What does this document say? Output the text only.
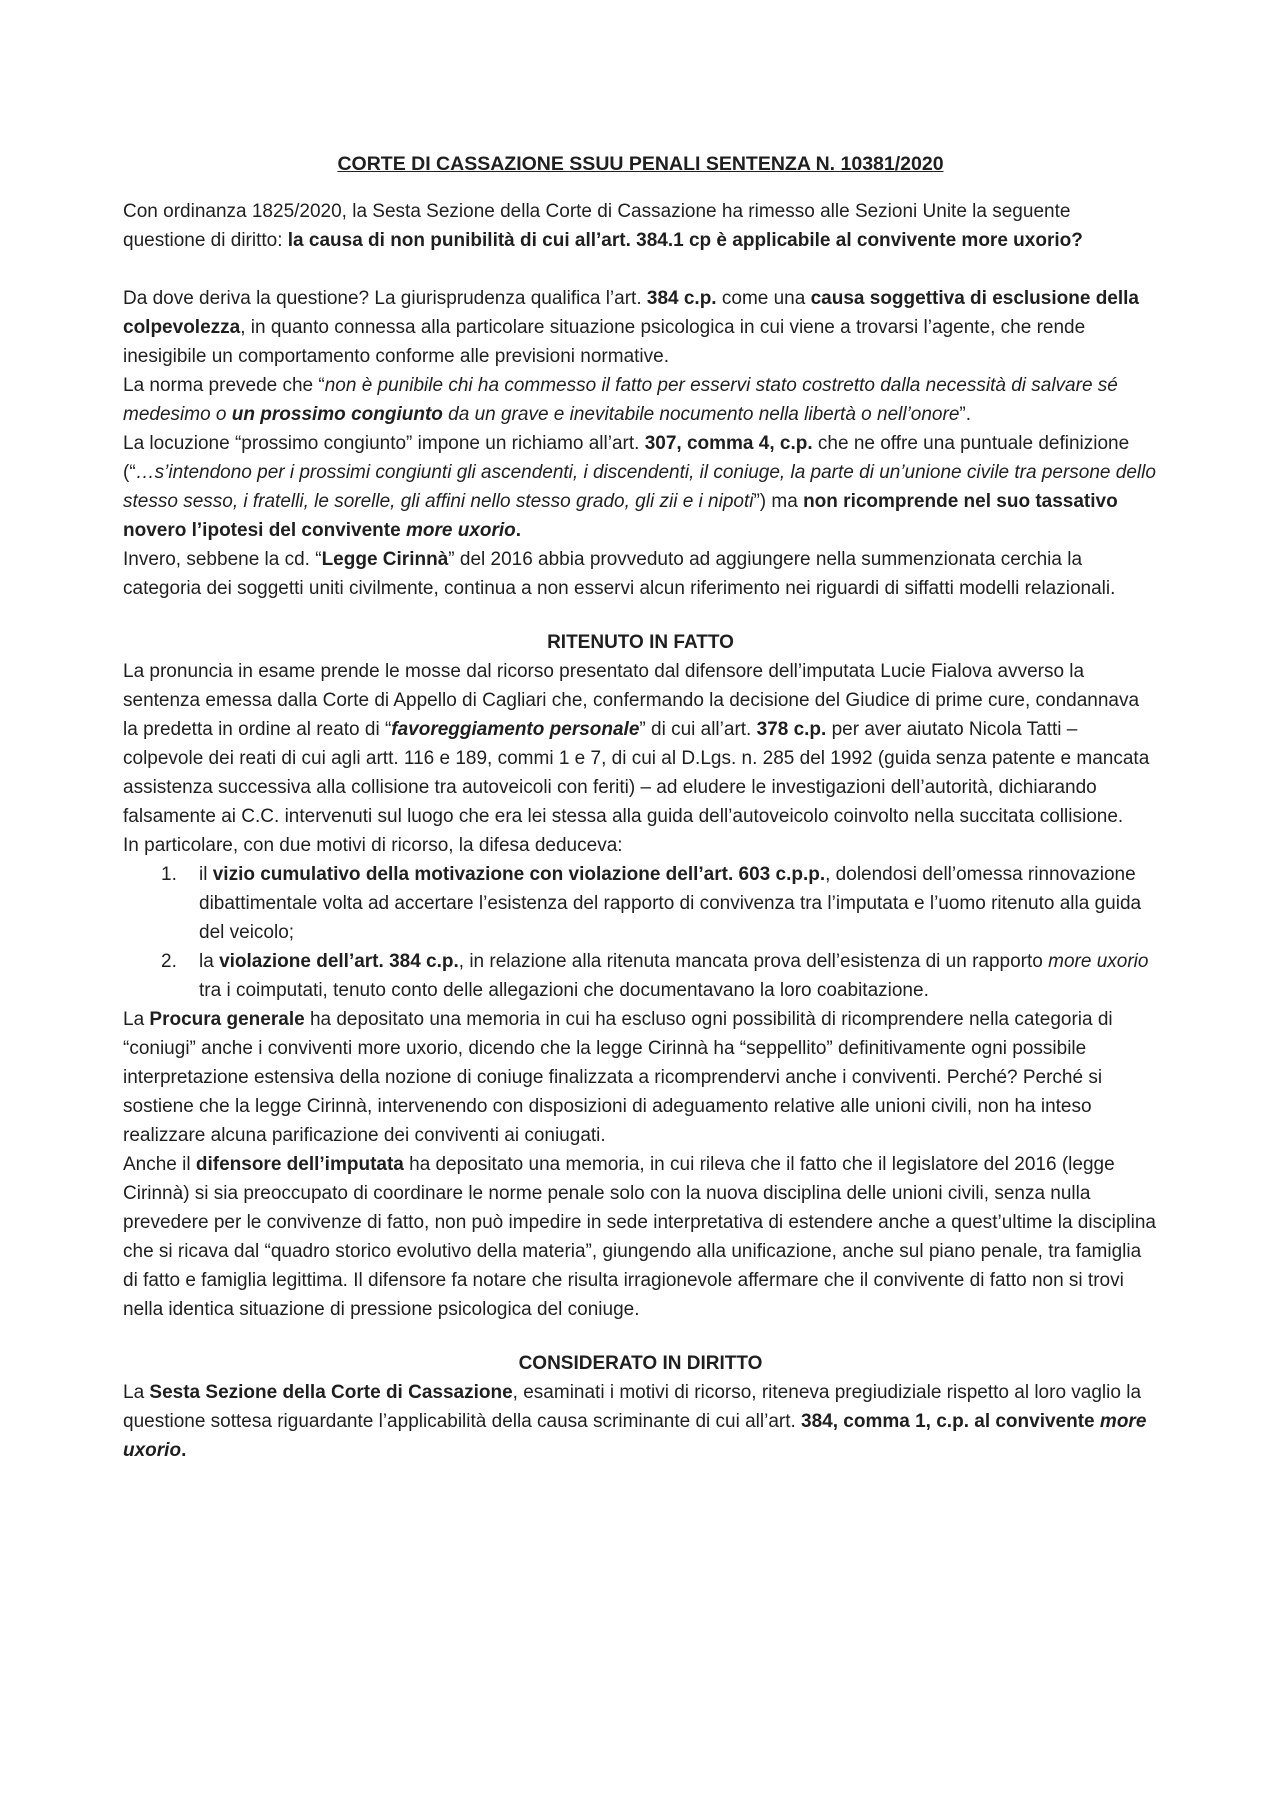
CORTE DI CASSAZIONE SSUU PENALI SENTENZA N. 10381/2020

Con ordinanza 1825/2020, la Sesta Sezione della Corte di Cassazione ha rimesso alle Sezioni Unite la seguente questione di diritto: la causa di non punibilità di cui all’art. 384.1 cp è applicabile al convivente more uxorio?

Da dove deriva la questione? La giurisprudenza qualifica l’art. 384 c.p. come una causa soggettiva di esclusione della colpevolezza, in quanto connessa alla particolare situazione psicologica in cui viene a trovarsi l’agente, che rende inesigibile un comportamento conforme alle previsioni normative.

La norma prevede che “non è punibile chi ha commesso il fatto per esservi stato costretto dalla necessità di salvare sé medesimo o un prossimo congiunto da un grave e inevitabile nocumento nella libertà o nell’onore”.

La locuzione “prossimo congiunto” impone un richiamo all’art. 307, comma 4, c.p. che ne offre una puntuale definizione (“…s’intendono per i prossimi congiunti gli ascendenti, i discendenti, il coniuge, la parte di un’unione civile tra persone dello stesso sesso, i fratelli, le sorelle, gli affini nello stesso grado, gli zii e i nipoti”) ma non ricomprende nel suo tassativo novero l’ipotesi del convivente more uxorio.

Invero, sebbene la cd. “Legge Cirinnà” del 2016 abbia provveduto ad aggiungere nella summenzionata cerchia la categoria dei soggetti uniti civilmente, continua a non esservi alcun riferimento nei riguardi di siffatti modelli relazionali.

RITENUTO IN FATTO

La pronuncia in esame prende le mosse dal ricorso presentato dal difensore dell’imputata Lucie Fialova avverso la sentenza emessa dalla Corte di Appello di Cagliari che, confermando la decisione del Giudice di prime cure, condannava la predetta in ordine al reato di “favoreggiamento personale” di cui all’art. 378 c.p. per aver aiutato Nicola Tatti – colpevole dei reati di cui agli artt. 116 e 189, commi 1 e 7, di cui al D.Lgs. n. 285 del 1992 (guida senza patente e mancata assistenza successiva alla collisione tra autoveicoli con feriti) – ad eludere le investigazioni dell’autorità, dichiarando falsamente ai C.C. intervenuti sul luogo che era lei stessa alla guida dell’autoveicolo coinvolto nella succitata collisione.

In particolare, con due motivi di ricorso, la difesa deduceva:

1. il vizio cumulativo della motivazione con violazione dell’art. 603 c.p.p., dolendosi dell’omessa rinnovazione dibattimentale volta ad accertare l’esistenza del rapporto di convivenza tra l’imputata e l’uomo ritenuto alla guida del veicolo;
2. la violazione dell’art. 384 c.p., in relazione alla ritenuta mancata prova dell’esistenza di un rapporto more uxorio tra i coimputati, tenuto conto delle allegazioni che documentavano la loro coabitazione.

La Procura generale ha depositato una memoria in cui ha escluso ogni possibilità di ricomprendere nella categoria di “coniugi” anche i conviventi more uxorio, dicendo che la legge Cirinnà ha “seppellito” definitivamente ogni possibile interpretazione estensiva della nozione di coniuge finalizzata a ricomprendervi anche i conviventi. Perché? Perché si sostiene che la legge Cirinnà, intervenendo con disposizioni di adeguamento relative alle unioni civili, non ha inteso realizzare alcuna parificazione dei conviventi ai coniugati.

Anche il difensore dell’imputata ha depositato una memoria, in cui rileva che il fatto che il legislatore del 2016 (legge Cirinnà) si sia preoccupato di coordinare le norme penale solo con la nuova disciplina delle unioni civili, senza nulla prevedere per le convivenze di fatto, non può impedire in sede interpretativa di estendere anche a quest’ultime la disciplina che si ricava dal “quadro storico evolutivo della materia”, giungendo alla unificazione, anche sul piano penale, tra famiglia di fatto e famiglia legittima. Il difensore fa notare che risulta irragionevole affermare che il convivente di fatto non si trovi nella identica situazione di pressione psicologica del coniuge.

CONSIDERATO IN DIRITTO

La Sesta Sezione della Corte di Cassazione, esaminati i motivi di ricorso, riteneva pregiudiziale rispetto al loro vaglio la questione sottesa riguardante l’applicabilità della causa scriminante di cui all’art. 384, comma 1, c.p. al convivente more uxorio.
